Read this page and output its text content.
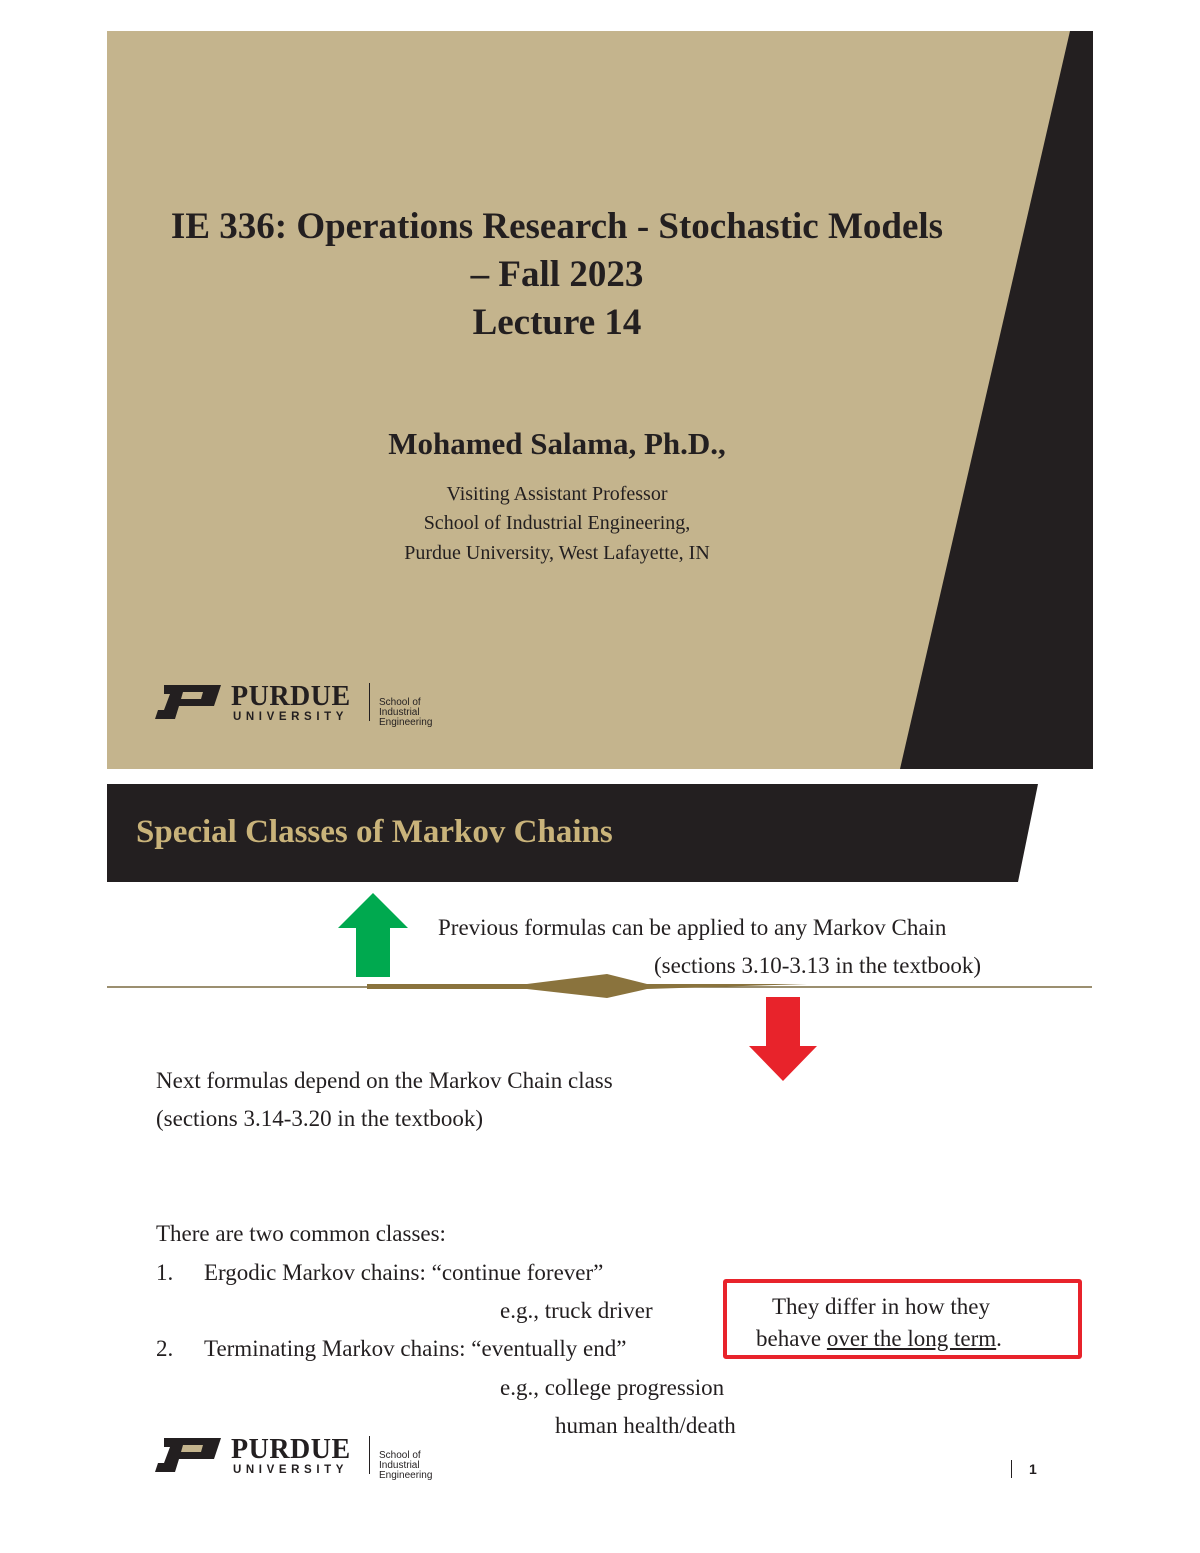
IE 336: Operations Research - Stochastic Models
– Fall 2023
Lecture 14
Mohamed Salama, Ph.D.,
Visiting Assistant Professor
School of Industrial Engineering,
Purdue University, West Lafayette, IN
PURDUE
UNIVERSITY
School of Industrial Engineering
Special Classes of Markov Chains
Previous formulas can be applied to any Markov Chain
(sections 3.10-3.13 in the textbook)
Next formulas depend on the Markov Chain class
(sections 3.14-3.20 in the textbook)
There are two common classes:
1. Ergodic Markov chains: “continue forever”
e.g., truck driver
2. Terminating Markov chains: “eventually end”
e.g., college progression
human health/death
They differ in how they
behave over the long term.
PURDUE
UNIVERSITY
School of Industrial Engineering	1
